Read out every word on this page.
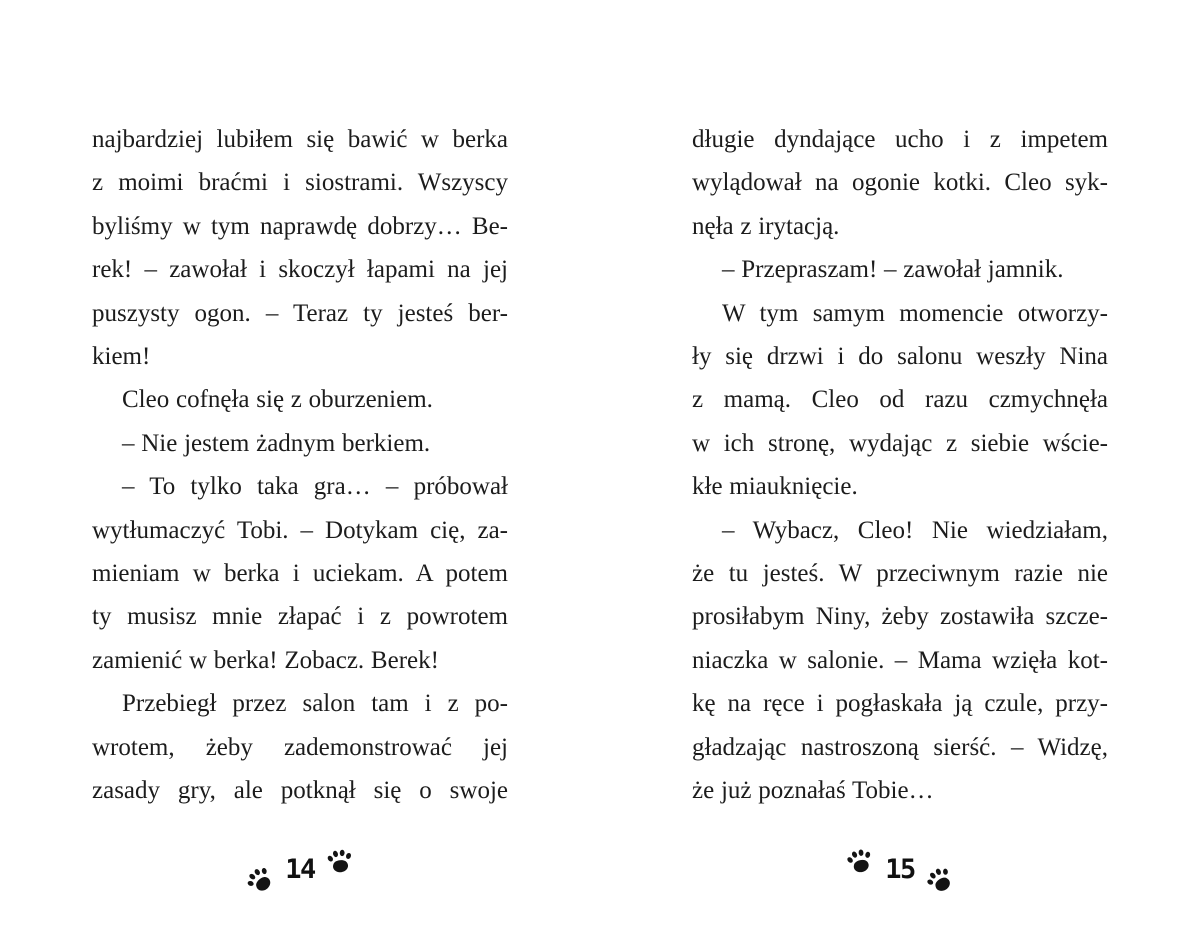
najbardziej lubiłem się bawić w berka
z moimi braćmi i siostrami. Wszyscy
byliśmy w tym naprawdę dobrzy… Be-
rek! – zawołał i skoczył łapami na jej
puszysty ogon. – Teraz ty jesteś ber-
kiem!
Cleo cofnęła się z oburzeniem.
– Nie jestem żadnym berkiem.
– To tylko taka gra… – próbował
wytłumaczyć Tobi. – Dotykam cię, za-
mieniam w berka i uciekam. A potem
ty musisz mnie złapać i z powrotem
zamienić w berka! Zobacz. Berek!
Przebiegł przez salon tam i z po-
wrotem, żeby zademonstrować jej
zasady gry, ale potknął się o swoje
14
długie dyndające ucho i z impetem
wylądował na ogonie kotki. Cleo syk-
nęła z irytacją.
– Przepraszam! – zawołał jamnik.
W tym samym momencie otworzy-
ły się drzwi i do salonu weszły Nina
z mamą. Cleo od razu czmychnęła
w ich stronę, wydając z siebie wście-
kłe miauknięcie.
– Wybacz, Cleo! Nie wiedziałam,
że tu jesteś. W przeciwnym razie nie
prosiłabym Niny, żeby zostawiła szcze-
niaczka w salonie. – Mama wzięła kot-
kę na ręce i pogłaskała ją czule, przy-
gładzając nastroszoną sierść. – Widzę,
że już poznałaś Tobie…
15
